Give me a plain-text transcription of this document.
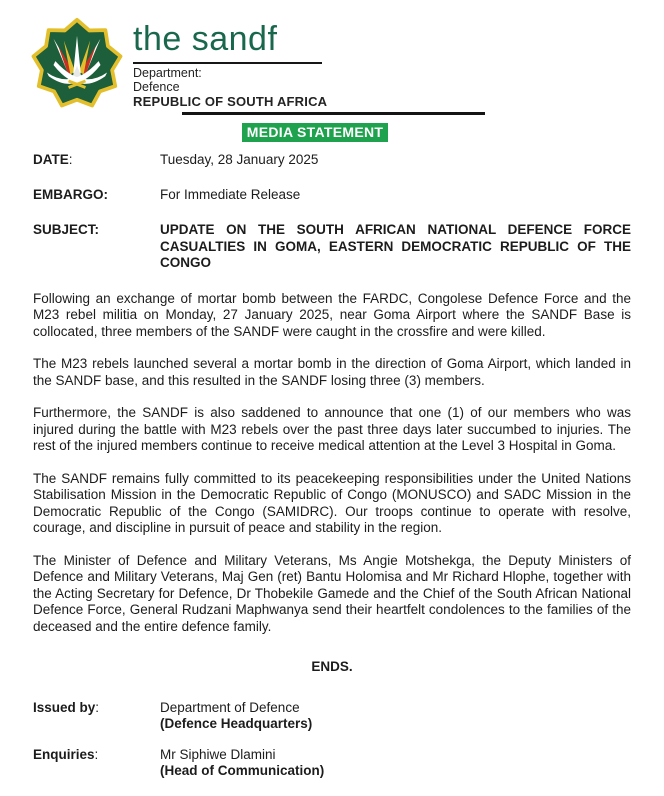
the sandf
Department:
Defence
REPUBLIC OF SOUTH AFRICA
MEDIA STATEMENT
DATE:	Tuesday, 28 January 2025
EMBARGO:	For Immediate Release
SUBJECT:	UPDATE ON THE SOUTH AFRICAN NATIONAL DEFENCE FORCE CASUALTIES IN GOMA, EASTERN DEMOCRATIC REPUBLIC OF THE CONGO

Following an exchange of mortar bomb between the FARDC, Congolese Defence Force and the M23 rebel militia on Monday, 27 January 2025, near Goma Airport where the SANDF Base is collocated, three members of the SANDF were caught in the crossfire and were killed.

The M23 rebels launched several a mortar bomb in the direction of Goma Airport, which landed in the SANDF base, and this resulted in the SANDF losing three (3) members.

Furthermore, the SANDF is also saddened to announce that one (1) of our members who was injured during the battle with M23 rebels over the past three days later succumbed to injuries. The rest of the injured members continue to receive medical attention at the Level 3 Hospital in Goma.

The SANDF remains fully committed to its peacekeeping responsibilities under the United Nations Stabilisation Mission in the Democratic Republic of Congo (MONUSCO) and SADC Mission in the Democratic Republic of the Congo (SAMIDRC). Our troops continue to operate with resolve, courage, and discipline in pursuit of peace and stability in the region.

The Minister of Defence and Military Veterans, Ms Angie Motshekga, the Deputy Ministers of Defence and Military Veterans, Maj Gen (ret) Bantu Holomisa and Mr Richard Hlophe, together with the Acting Secretary for Defence, Dr Thobekile Gamede and the Chief of the South African National Defence Force, General Rudzani Maphwanya send their heartfelt condolences to the families of the deceased and the entire defence family.

ENDS.
Issued by:	Department of Defence
(Defence Headquarters)
Enquiries:	Mr Siphiwe Dlamini
(Head of Communication)
